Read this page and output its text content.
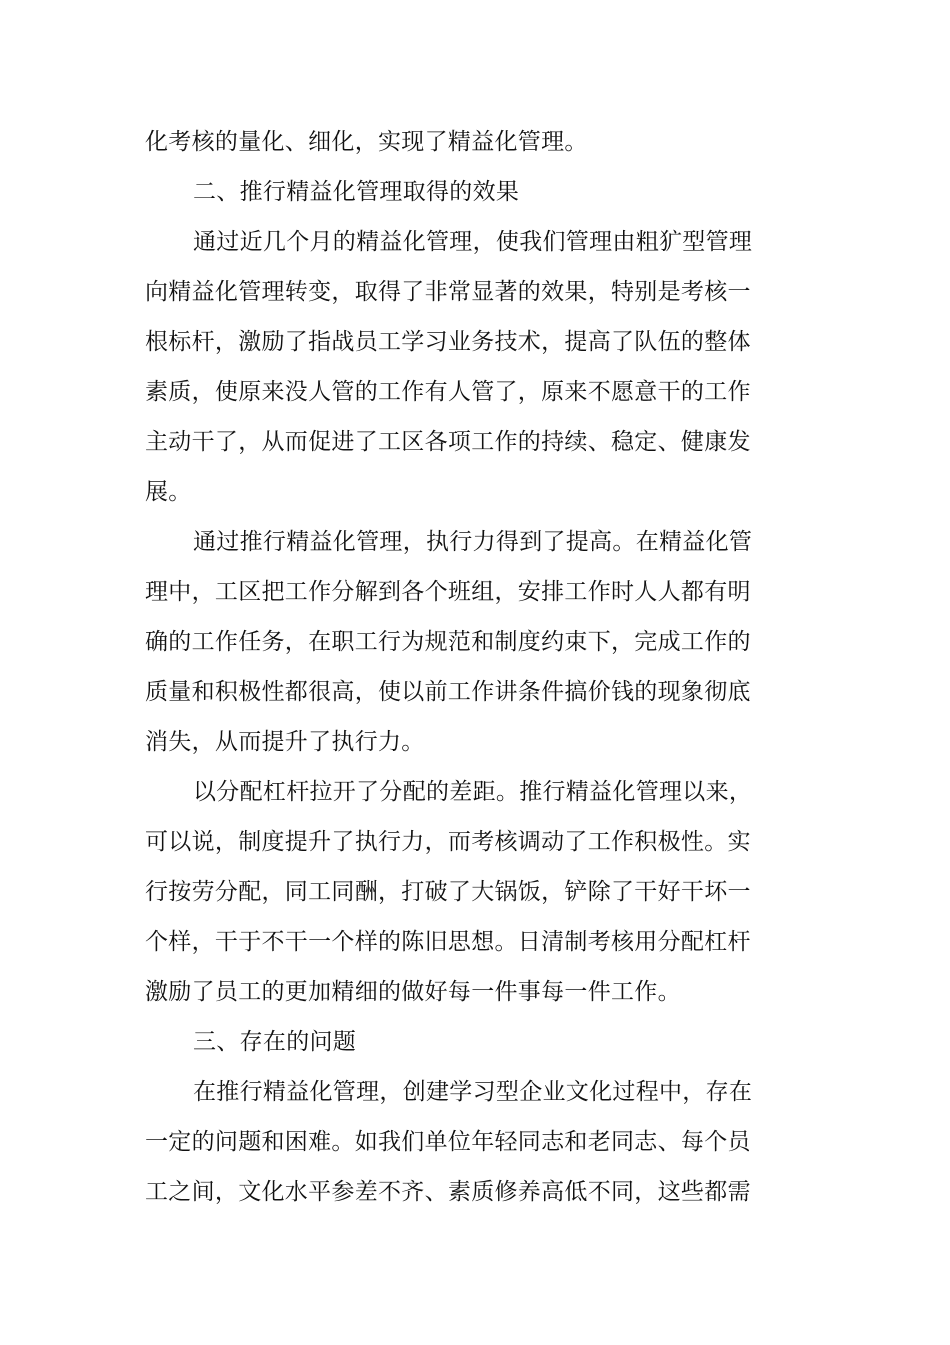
化考核的量化、细化，实现了精益化管理。
二、推行精益化管理取得的效果
通过近几个月的精益化管理，使我们管理由粗犷型管理
向精益化管理转变，取得了非常显著的效果，特别是考核一
根标杆，激励了指战员工学习业务技术，提高了队伍的整体
素质，使原来没人管的工作有人管了，原来不愿意干的工作
主动干了，从而促进了工区各项工作的持续、稳定、健康发
展。
通过推行精益化管理，执行力得到了提高。在精益化管
理中，工区把工作分解到各个班组，安排工作时人人都有明
确的工作任务，在职工行为规范和制度约束下，完成工作的
质量和积极性都很高，使以前工作讲条件搞价钱的现象彻底
消失，从而提升了执行力。
以分配杠杆拉开了分配的差距。推行精益化管理以来，
可以说，制度提升了执行力，而考核调动了工作积极性。实
行按劳分配，同工同酬，打破了大锅饭，铲除了干好干坏一
个样，干于不干一个样的陈旧思想。日清制考核用分配杠杆
激励了员工的更加精细的做好每一件事每一件工作。
三、存在的问题
在推行精益化管理，创建学习型企业文化过程中，存在
一定的问题和困难。如我们单位年轻同志和老同志、每个员
工之间，文化水平参差不齐、素质修养高低不同，这些都需
